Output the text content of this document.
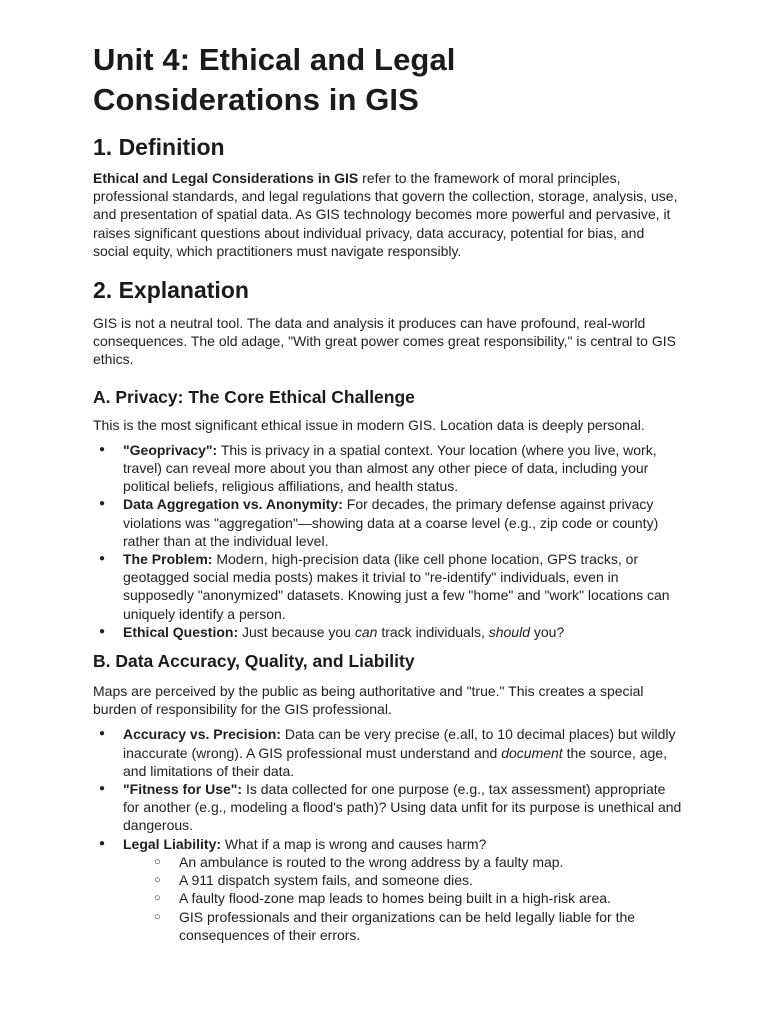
Unit 4: Ethical and Legal Considerations in GIS
1. Definition

Ethical and Legal Considerations in GIS refer to the framework of moral principles, professional standards, and legal regulations that govern the collection, storage, analysis, use, and presentation of spatial data. As GIS technology becomes more powerful and pervasive, it raises significant questions about individual privacy, data accuracy, potential for bias, and social equity, which practitioners must navigate responsibly.

2. Explanation

GIS is not a neutral tool. The data and analysis it produces can have profound, real-world consequences. The old adage, "With great power comes great responsibility," is central to GIS ethics.

A. Privacy: The Core Ethical Challenge

This is the most significant ethical issue in modern GIS. Location data is deeply personal.

● "Geoprivacy": This is privacy in a spatial context. Your location (where you live, work, travel) can reveal more about you than almost any other piece of data, including your political beliefs, religious affiliations, and health status.
● Data Aggregation vs. Anonymity: For decades, the primary defense against privacy violations was "aggregation"—showing data at a coarse level (e.g., zip code or county) rather than at the individual level.
● The Problem: Modern, high-precision data (like cell phone location, GPS tracks, or geotagged social media posts) makes it trivial to "re-identify" individuals, even in supposedly "anonymized" datasets. Knowing just a few "home" and "work" locations can uniquely identify a person.
● Ethical Question: Just because you can track individuals, should you?
B. Data Accuracy, Quality, and Liability

Maps are perceived by the public as being authoritative and "true." This creates a special burden of responsibility for the GIS professional.

● Accuracy vs. Precision: Data can be very precise (e.all, to 10 decimal places) but wildly inaccurate (wrong). A GIS professional must understand and document the source, age, and limitations of their data.
● "Fitness for Use": Is data collected for one purpose (e.g., tax assessment) appropriate for another (e.g., modeling a flood's path)? Using data unfit for its purpose is unethical and dangerous.
● Legal Liability: What if a map is wrong and causes harm?
○ An ambulance is routed to the wrong address by a faulty map.
○ A 911 dispatch system fails, and someone dies.
○ A faulty flood-zone map leads to homes being built in a high-risk area.
○ GIS professionals and their organizations can be held legally liable for the consequences of their errors.
